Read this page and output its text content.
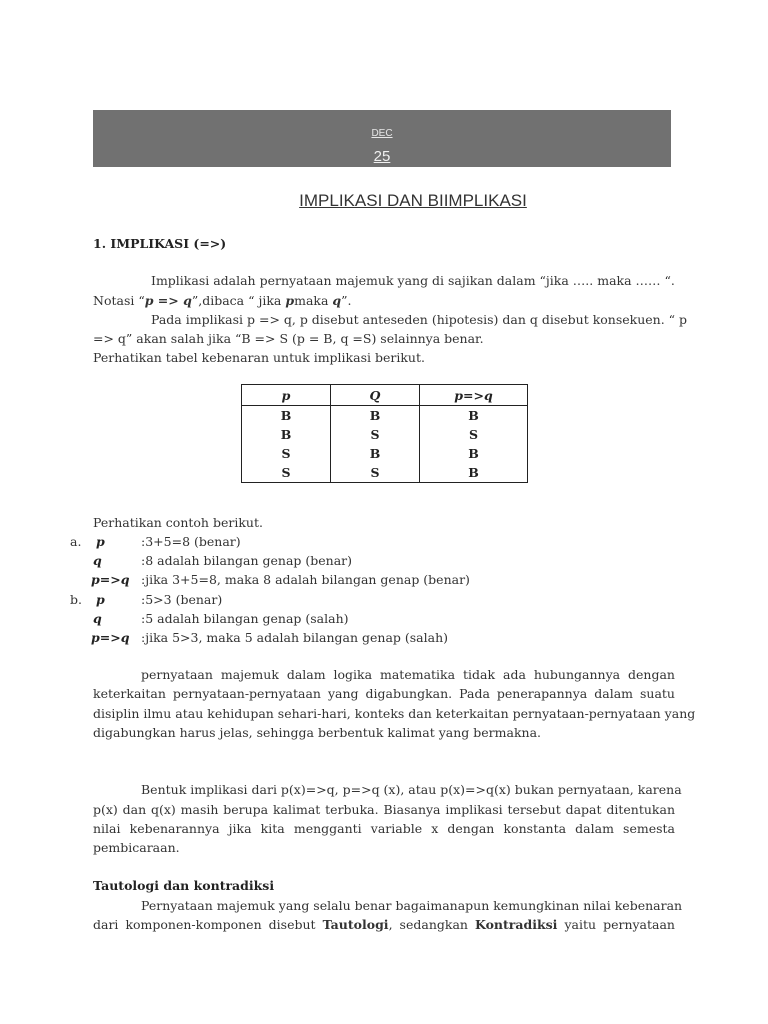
DEC
25
IMPLIKASI DAN BIIMPLIKASI
1. IMPLIKASI (=>)
Implikasi adalah pernyataan majemuk yang di sajikan dalam “jika ….. maka …… “.
Notasi “p => q”,dibaca “ jika pmaka q”.
Pada implikasi p => q, p disebut anteseden (hipotesis) dan q disebut konsekuen. “ p
=> q” akan salah jika “B => S (p = B, q =S) selainnya benar.
Perhatikan tabel kebenaran untuk implikasi berikut.
p	Q	p=>q
B	B	B
B	S	S
S	B	B
S	S	B
Perhatikan contoh berikut.
a. p	:3+5=8 (benar)
q	:8 adalah bilangan genap (benar)
p=>q :jika 3+5=8, maka 8 adalah bilangan genap (benar)
b. p	:5>3 (benar)
q	:5 adalah bilangan genap (salah)
p=>q :jika 5>3, maka 5 adalah bilangan genap (salah)
pernyataan majemuk dalam logika matematika tidak ada hubungannya dengan
keterkaitan pernyataan-pernyataan yang digabungkan. Pada penerapannya dalam suatu
disiplin ilmu atau kehidupan sehari-hari, konteks dan keterkaitan pernyataan-pernyataan yang
digabungkan harus jelas, sehingga berbentuk kalimat yang bermakna.
Bentuk implikasi dari p(x)=>q, p=>q (x), atau p(x)=>q(x) bukan pernyataan, karena
p(x) dan q(x) masih berupa kalimat terbuka. Biasanya implikasi tersebut dapat ditentukan
nilai kebenarannya jika kita mengganti variable x dengan konstanta dalam semesta
pembicaraan.
Tautologi dan kontradiksi
Pernyataan majemuk yang selalu benar bagaimanapun kemungkinan nilai kebenaran
dari komponen-komponen disebut Tautologi, sedangkan Kontradiksi yaitu pernyataan
